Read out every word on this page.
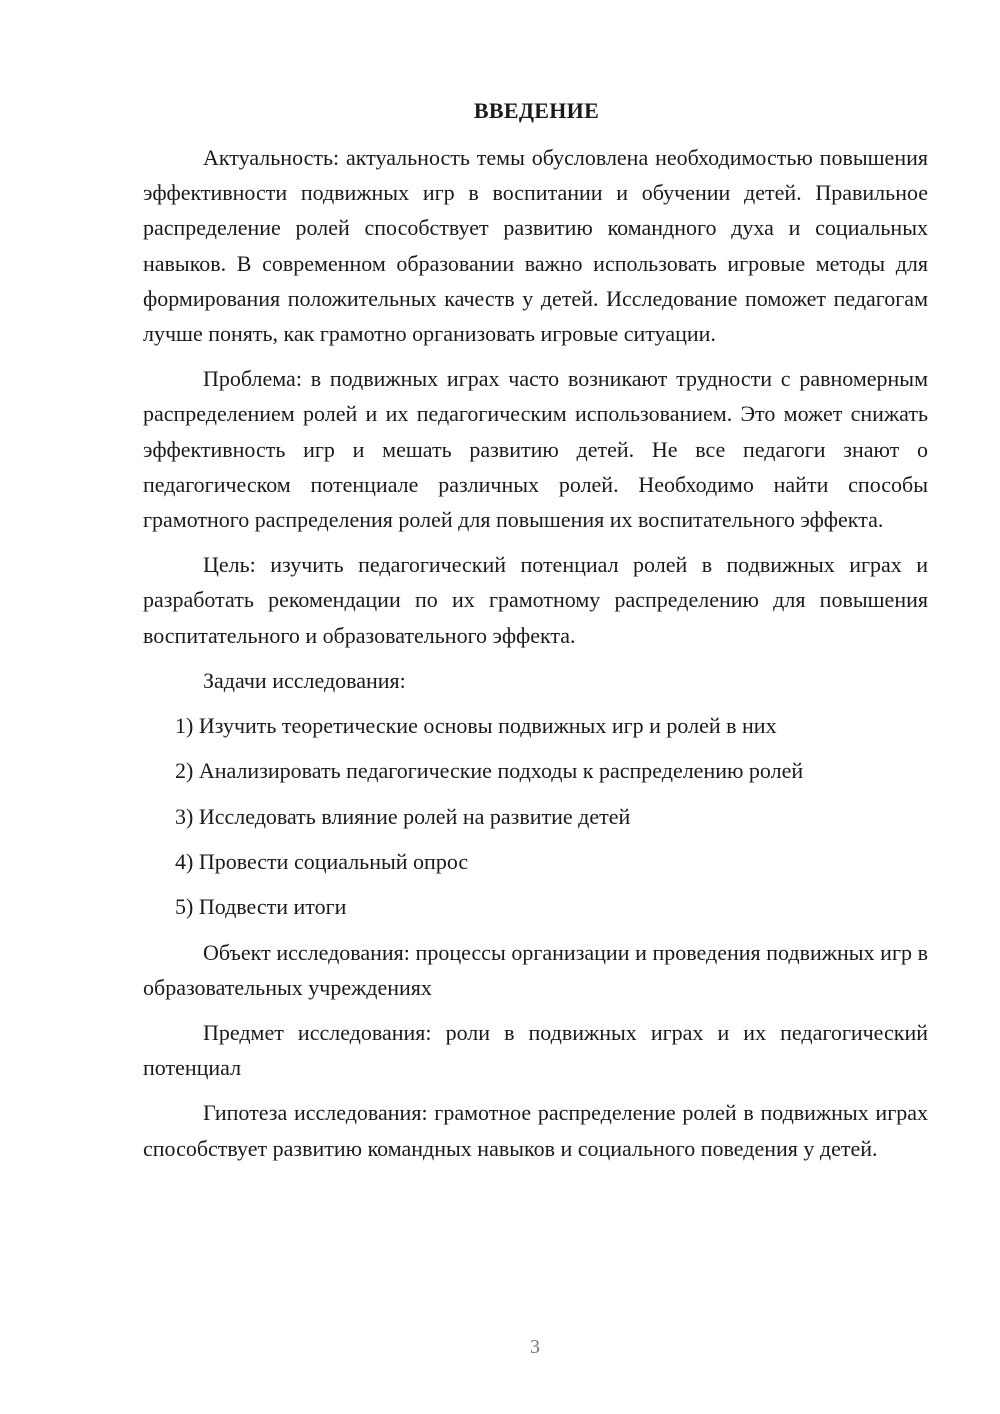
ВВЕДЕНИЕ

Актуальность: актуальность темы обусловлена необходимостью повышения эффективности подвижных игр в воспитании и обучении детей. Правильное распределение ролей способствует развитию командного духа и социальных навыков. В современном образовании важно использовать игровые методы для формирования положительных качеств у детей. Исследование поможет педагогам лучше понять, как грамотно организовать игровые ситуации.

Проблема: в подвижных играх часто возникают трудности с равномерным распределением ролей и их педагогическим использованием. Это может снижать эффективность игр и мешать развитию детей. Не все педагоги знают о педагогическом потенциале различных ролей. Необходимо найти способы грамотного распределения ролей для повышения их воспитательного эффекта.

Цель: изучить педагогический потенциал ролей в подвижных играх и разработать рекомендации по их грамотному распределению для повышения воспитательного и образовательного эффекта.

Задачи исследования:

1) Изучить теоретические основы подвижных игр и ролей в них
2) Анализировать педагогические подходы к распределению ролей
3) Исследовать влияние ролей на развитие детей
4) Провести социальный опрос
5) Подвести итоги

Объект исследования: процессы организации и проведения подвижных игр в образовательных учреждениях

Предмет исследования: роли в подвижных играх и их педагогический потенциал

Гипотеза исследования: грамотное распределение ролей в подвижных играх способствует развитию командных навыков и социального поведения у детей.

3
